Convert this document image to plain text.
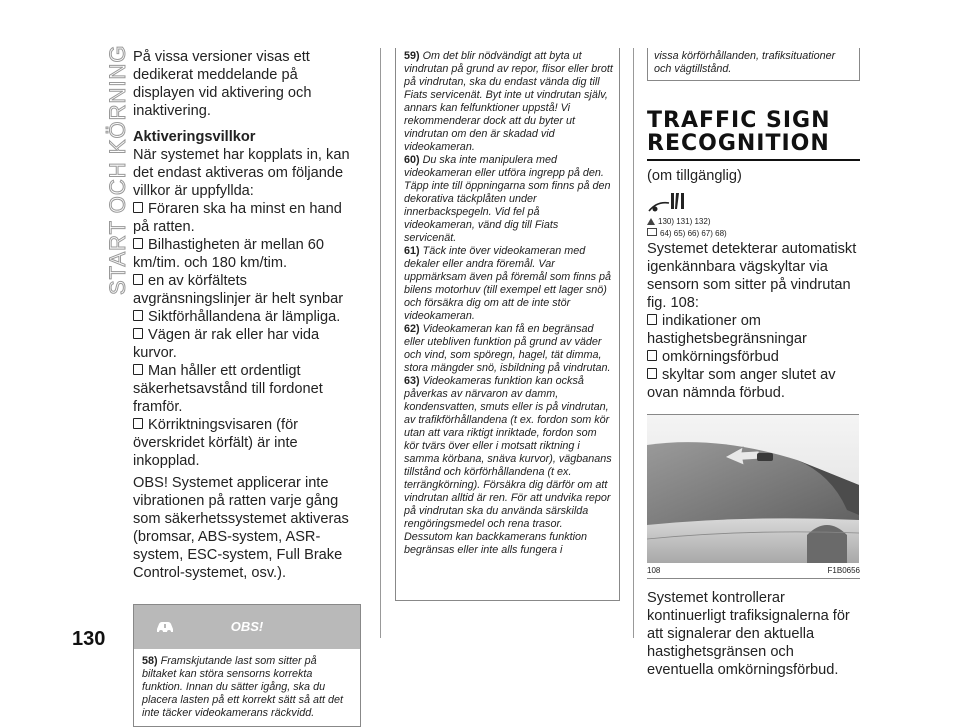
START OCH KÖRNING
130

På vissa versioner visas ett dedikerat meddelande på displayen vid aktivering och inaktivering.

Aktiveringsvillkor

När systemet har kopplats in, kan det endast aktiveras om följande villkor är uppfyllda:

Föraren ska ha minst en hand på ratten.

Bilhastigheten är mellan 60 km/tim. och 180 km/tim.

en av körfältets avgränsningslinjer är helt synbar

Siktförhållandena är lämpliga.

Vägen är rak eller har vida kurvor.

Man håller ett ordentligt säkerhetsavstånd till fordonet framför.

Körriktningsvisaren (för överskridet körfält) är inte inkopplad.

OBS! Systemet applicerar inte vibrationen på ratten varje gång som säkerhetssystemet aktiveras (bromsar, ABS-system, ASR-system, ESC-system, Full Brake Control-systemet, osv.).

OBS!

58) Framskjutande last som sitter på biltaket kan störa sensorns korrekta funktion. Innan du sätter igång, ska du placera lasten på ett korrekt sätt så att det inte täcker videokamerans räckvidd.

59) Om det blir nödvändigt att byta ut vindrutan på grund av repor, flisor eller brott på vindrutan, ska du endast vända dig till Fiats servicenät. Byt inte ut vindrutan själv, annars kan felfunktioner uppstå! Vi rekommenderar dock att du byter ut vindrutan om den är skadad vid videokameran.

60) Du ska inte manipulera med videokameran eller utföra ingrepp på den. Täpp inte till öppningarna som finns på den dekorativa täckplåten under innerbackspegeln. Vid fel på videokameran, vänd dig till Fiats servicenät.

61) Täck inte över videokameran med dekaler eller andra föremål. Var uppmärksam även på föremål som finns på bilens motorhuv (till exempel ett lager snö) och försäkra dig om att de inte stör videokameran.

62) Videokameran kan få en begränsad eller utebliven funktion på grund av väder och vind, som spöregn, hagel, tät dimma, stora mängder snö, isbildning på vindrutan.

63) Videokameras funktion kan också påverkas av närvaron av damm, kondensvatten, smuts eller is på vindrutan, av trafikförhållandena (t ex. fordon som kör utan att vara riktigt inriktade, fordon som kör tvärs över eller i motsatt riktning i samma körbana, snäva kurvor), vägbanans tillstånd och körförhållandena (t ex. terrängkörning). Försäkra dig därför om att vindrutan alltid är ren. För att undvika repor på vindrutan ska du använda särskilda rengöringsmedel och rena trasor. Dessutom kan backkamerans funktion begränsas eller inte alls fungera i

vissa körförhållanden, trafiksituationer och vägtillstånd.

TRAFFIC SIGN
RECOGNITION

(om tillgänglig)

130) 131) 132)

64) 65) 66) 67) 68)

Systemet detekterar automatiskt igenkännbara vägskyltar via sensorn som sitter på vindrutan fig. 108:

indikationer om hastighetsbegränsningar

omkörningsförbud

skyltar som anger slutet av ovan nämnda förbud.

108	F1B0656

Systemet kontrollerar kontinuerligt trafiksignalerna för att signalerar den aktuella hastighetsgränsen och eventuella omkörningsförbud.
